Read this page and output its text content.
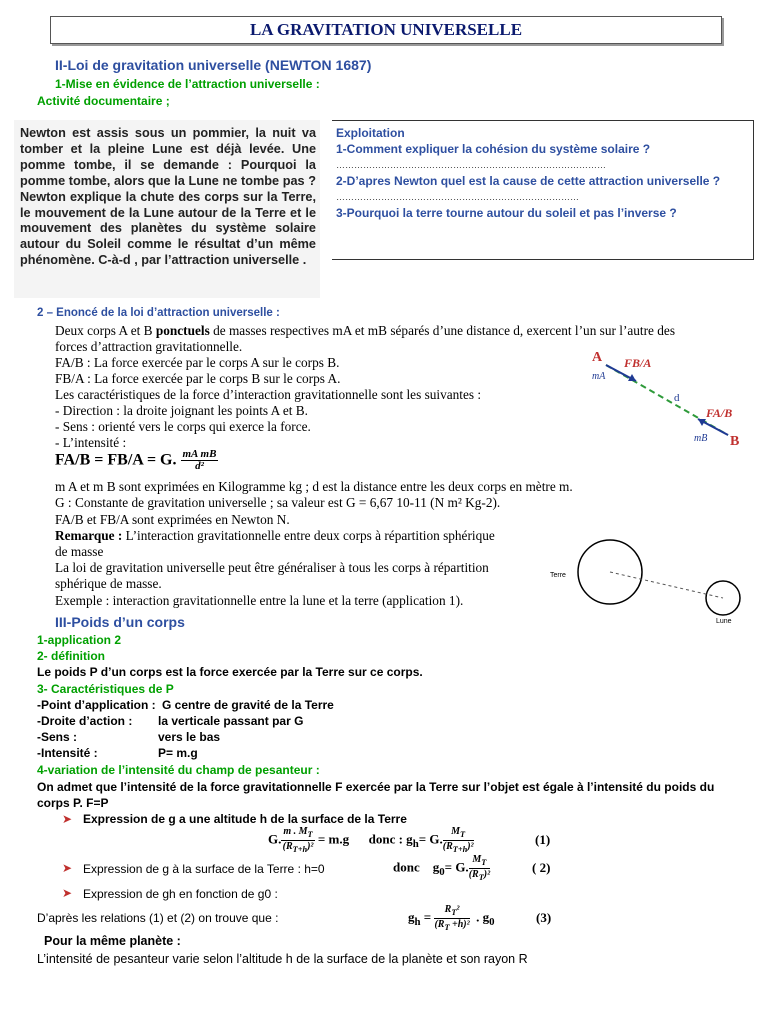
LA GRAVITATION UNIVERSELLE
II-Loi de gravitation universelle (NEWTON 1687)
1-Mise en évidence de l’attraction universelle :
Activité documentaire ;
Newton est assis sous un pommier, la nuit va tomber et la pleine Lune est déjà levée. Une pomme tombe, il se demande : Pourquoi la pomme tombe, alors que la Lune ne tombe pas ? Newton explique la chute des corps sur la Terre, le mouvement de la Lune autour de la Terre et le mouvement des planètes du système solaire autour du Soleil comme le résultat d’un même phénomène. C-à-d , par l’attraction universelle .
Exploitation
1-Comment expliquer la cohésion du système solaire ?
………………………………………………………………………………
2-D’apres Newton quel est la cause de cette attraction universelle ?
………………………………………………………………………
3-Pourquoi la terre tourne autour du soleil et pas l’inverse ?
2 – Enoncé de la loi d’attraction universelle :
Deux corps A et B ponctuels de masses respectives mA et mB séparés d’une distance d, exercent l’un sur l’autre des forces d’attraction gravitationnelle.
FA/B : La force exercée par le corps A sur le corps B.
FB/A : La force exercée par le corps B sur le corps A.
Les caractéristiques de la force d’interaction gravitationnelle sont les suivantes :
- Direction : la droite joignant les points A et B.
- Sens : orienté vers le corps qui exerce la force.
- L’intensité :
FA/B = FB/A = G. $\frac{\text{mA mB}}{\text{d²}}$
m A et m B sont exprimées en Kilogramme kg ; d est la distance entre les deux corps en mètre m.
G : Constante de gravitation universelle ; sa valeur est G = 6,67 10-11 (N m² Kg-2).
FA/B et FB/A sont exprimées en Newton N.
Remarque : L’interaction gravitationnelle entre deux corps à répartition sphérique de masse
La loi de gravitation universelle peut être généraliser à tous les corps à répartition sphérique de masse.
Exemple : interaction gravitationnelle entre la lune et la terre (application 1).
A
B
mA
mB
d
FB/A
FA/B
Terre
Lune
III-Poids d’un corps
1-application 2
2- définition
Le poids P d’un corps est la force exercée par la Terre sur ce corps.
3- Caractéristiques de P
-Point d’application : G centre de gravité de la Terre
-Droite d’action : la verticale passant par G
-Sens :	vers le bas
-Intensité :	P= m.g
4-variation de l’intensité du champ de pesanteur :
On admet que l’intensité de la force gravitationnelle F exercée par la Terre sur l’objet est égale à l’intensité du poids du corps P. F=P
➤ Expression de g a une altitude h de la surface de la Terre
G. $\frac{m . M_T}{(R_{T+h})^2} = m.g$      donc : $g_h= G$. $\frac{M_T}{(R_{T+h})^2}$	(1)
➤ Expression de g à la surface de la Terre : h=0	donc    $g_0= G$. $\frac{M_T}{(R_T)^2}$	( 2)
➤ Expression de gh en fonction de g0 :
D’après les relations (1) et (2) on trouve que :	$g_h = \frac{R_T^2}{(R_T +h)^2}$ . $g_0$	(3)
Pour la même planète :
L’intensité de pesanteur varie selon l’altitude h de la surface de la planète et son rayon R
